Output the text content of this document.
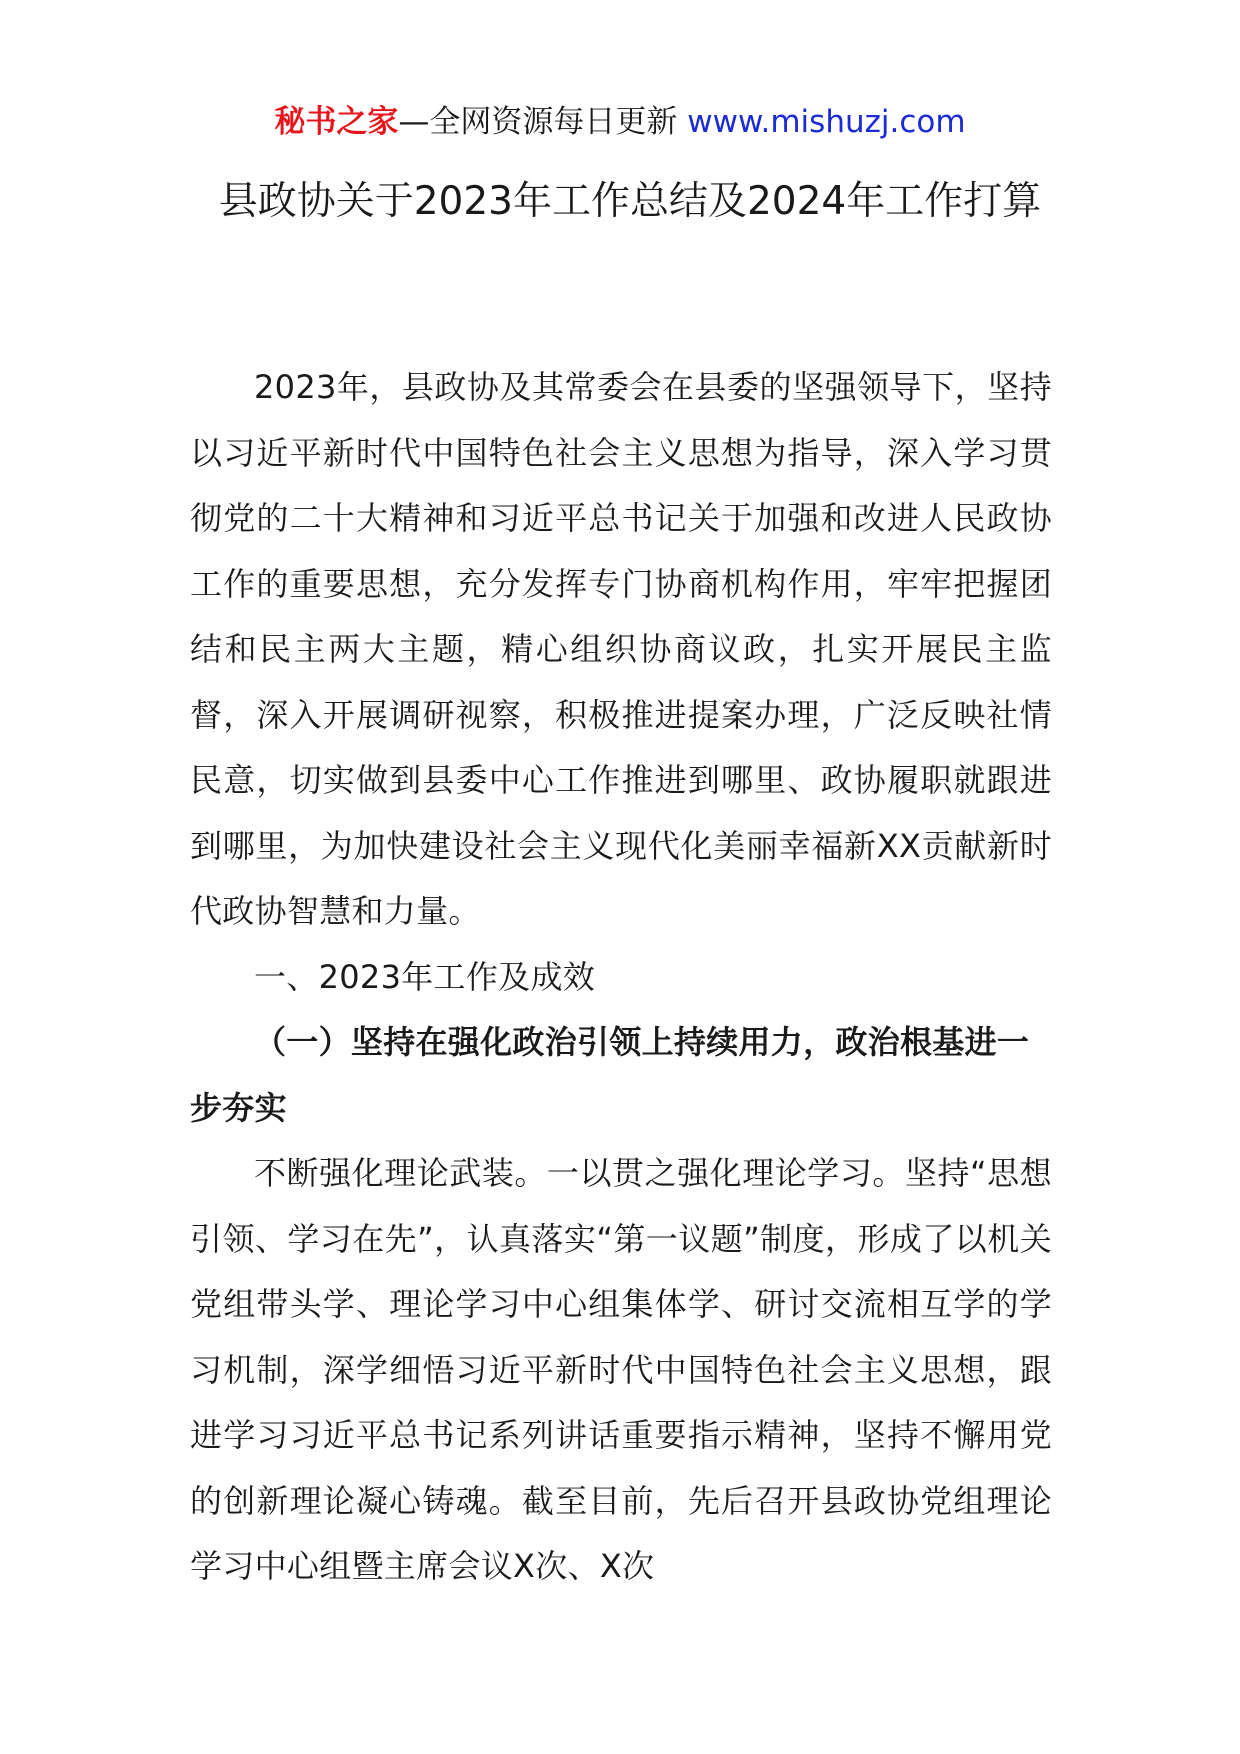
秘书之家—全网资源每日更新 www.mishuzj.com
县政协关于2023年工作总结及2024年工作打算

2023年，县政协及其常委会在县委的坚强领导下，坚持以习近平新时代中国特色社会主义思想为指导，深入学习贯彻党的二十大精神和习近平总书记关于加强和改进人民政协工作的重要思想，充分发挥专门协商机构作用，牢牢把握团结和民主两大主题，精心组织协商议政，扎实开展民主监督，深入开展调研视察，积极推进提案办理，广泛反映社情民意，切实做到县委中心工作推进到哪里、政协履职就跟进到哪里，为加快建设社会主义现代化美丽幸福新XX贡献新时代政协智慧和力量。

一、2023年工作及成效

（一）坚持在强化政治引领上持续用力，政治根基进一步夯实

不断强化理论武装。一以贯之强化理论学习。坚持“思想引领、学习在先”，认真落实“第一议题”制度，形成了以机关党组带头学、理论学习中心组集体学、研讨交流相互学的学习机制，深学细悟习近平新时代中国特色社会主义思想，跟进学习习近平总书记系列讲话重要指示精神，坚持不懈用党的创新理论凝心铸魂。截至目前，先后召开县政协党组理论学习中心组暨主席会议X次、X次
